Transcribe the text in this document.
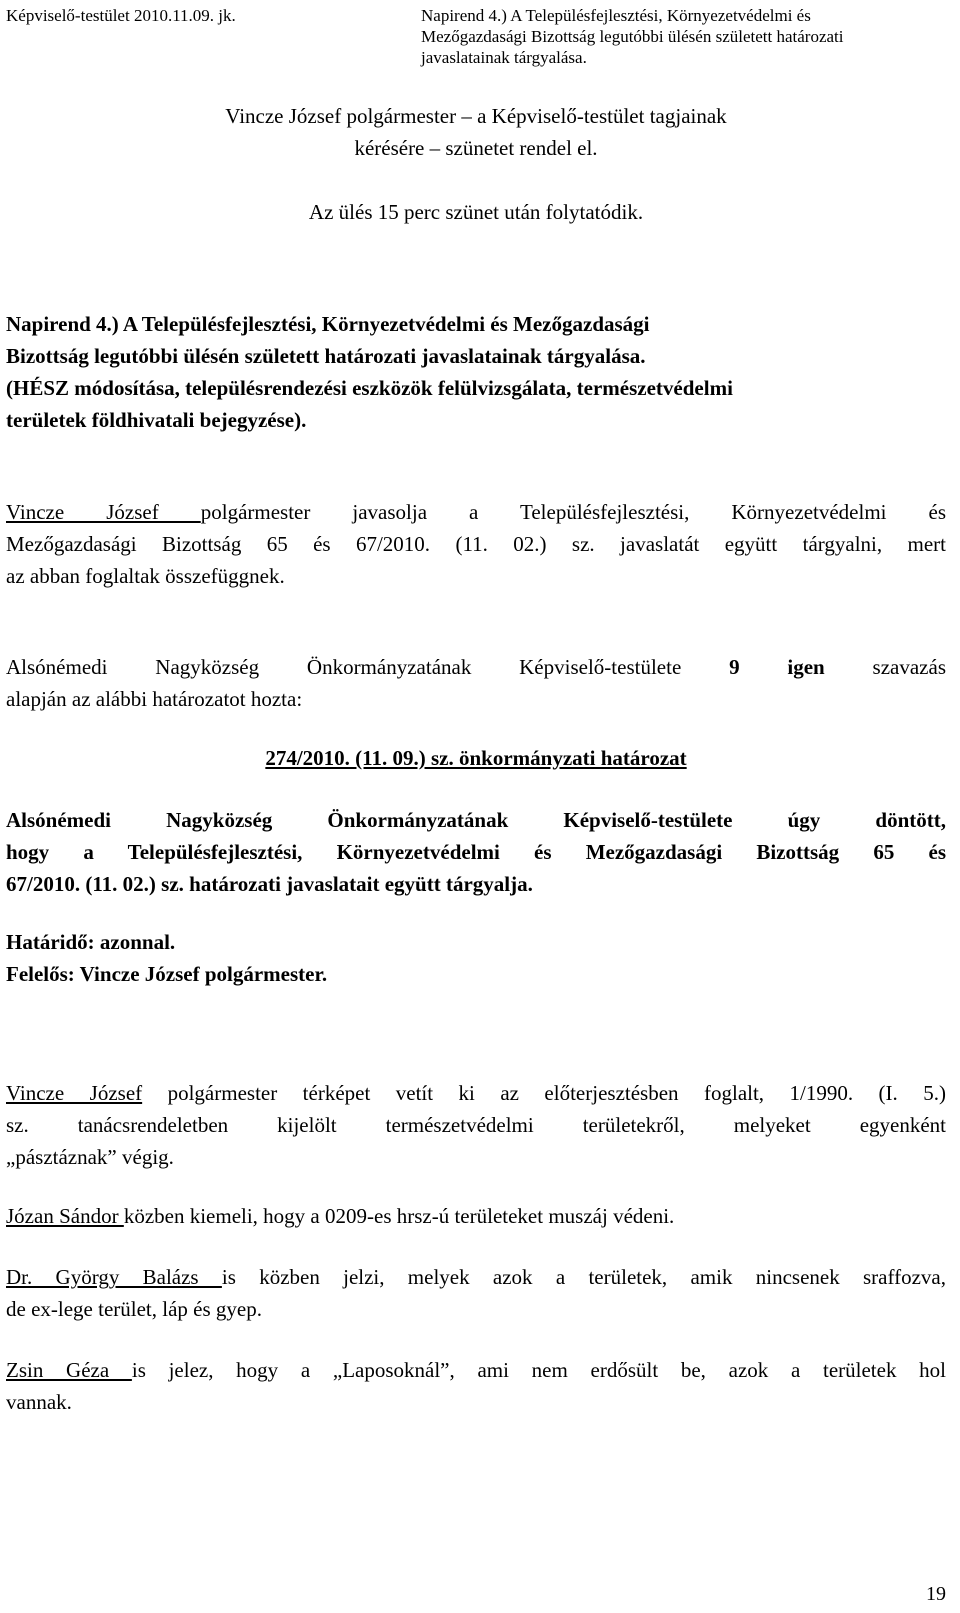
Képviselő-testület 2010.11.09. jk.	Napirend 4.) A Településfejlesztési, Környezetvédelmi és
Mezőgazdasági Bizottság legutóbbi ülésén született határozati
javaslatainak tárgyalása.
Vincze József polgármester – a Képviselő-testület tagjainak
kérésére – szünetet rendel el.
Az ülés 15 perc szünet után folytatódik.
Napirend 4.) A Településfejlesztési, Környezetvédelmi és Mezőgazdasági
Bizottság legutóbbi ülésén született határozati javaslatainak tárgyalása.
(HÉSZ módosítása, településrendezési eszközök felülvizsgálata, természetvédelmi
területek földhivatali bejegyzése).
Vincze József polgármester javasolja a Településfejlesztési, Környezetvédelmi és
Mezőgazdasági Bizottság 65 és 67/2010. (11. 02.) sz. javaslatát együtt tárgyalni, mert
az abban foglaltak összefüggnek.
Alsónémedi Nagyközség Önkormányzatának Képviselő-testülete 9 igen szavazás
alapján az alábbi határozatot hozta:
274/2010. (11. 09.) sz. önkormányzati határozat
Alsónémedi Nagyközség Önkormányzatának Képviselő-testülete úgy döntött,
hogy a Településfejlesztési, Környezetvédelmi és Mezőgazdasági Bizottság 65 és
67/2010. (11. 02.) sz. határozati javaslatait együtt tárgyalja.
Határidő: azonnal.
Felelős: Vincze József polgármester.
Vincze József polgármester térképet vetít ki az előterjesztésben foglalt, 1/1990. (I. 5.)
sz. tanácsrendeletben kijelölt természetvédelmi területekről, melyeket egyenként
„pásztáznak” végig.
Józan Sándor közben kiemeli, hogy a 0209-es hrsz-ú területeket muszáj védeni.
Dr. György Balázs is közben jelzi, melyek azok a területek, amik nincsenek sraffozva,
de ex-lege terület, láp és gyep.
Zsin Géza is jelez, hogy a „Laposoknál”, ami nem erdősült be, azok a területek hol
vannak.
19
